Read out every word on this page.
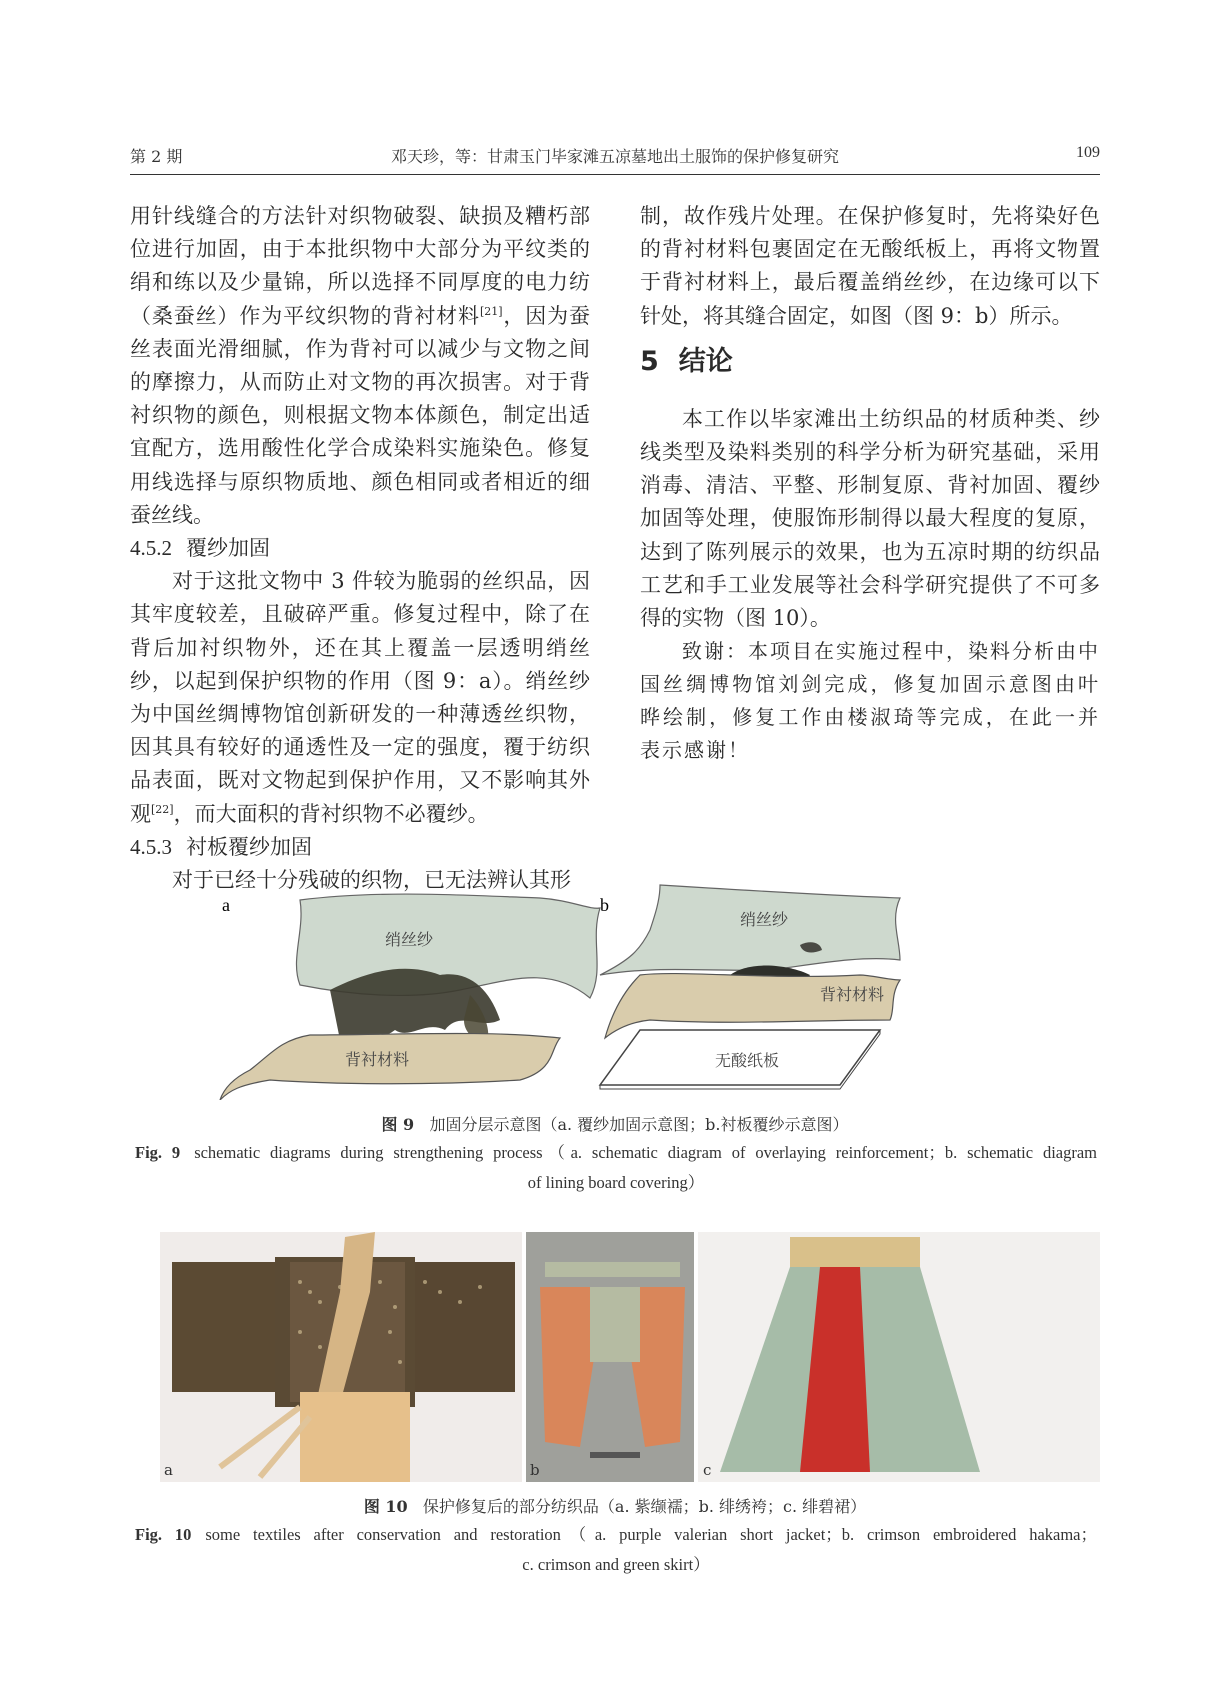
第 2 期	邓天珍，等：甘肃玉门毕家滩五凉墓地出土服饰的保护修复研究	109

用针线缝合的方法针对织物破裂、缺损及糟朽部位进行加固，由于本批织物中大部分为平纹类的绢和练以及少量锦，所以选择不同厚度的电力纺（桑蚕丝）作为平纹织物的背衬材料[21]，因为蚕丝表面光滑细腻，作为背衬可以减少与文物之间的摩擦力，从而防止对文物的再次损害。对于背衬织物的颜色，则根据文物本体颜色，制定出适宜配方，选用酸性化学合成染料实施染色。修复用线选择与原织物质地、颜色相同或者相近的细蚕丝线。

4.5.2 覆纱加固

对于这批文物中 3 件较为脆弱的丝织品，因其牢度较差，且破碎严重。修复过程中，除了在背后加衬织物外，还在其上覆盖一层透明绡丝纱，以起到保护织物的作用（图 9：a）。绡丝纱为中国丝绸博物馆创新研发的一种薄透丝织物，因其具有较好的通透性及一定的强度，覆于纺织品表面，既对文物起到保护作用，又不影响其外观[22]，而大面积的背衬织物不必覆纱。

4.5.3 衬板覆纱加固

对于已经十分残破的织物，已无法辨认其形

制，故作残片处理。在保护修复时，先将染好色的背衬材料包裹固定在无酸纸板上，再将文物置于背衬材料上，最后覆盖绡丝纱，在边缘可以下针处，将其缝合固定，如图（图 9：b）所示。

5 结论

本工作以毕家滩出土纺织品的材质种类、纱线类型及染料类别的科学分析为研究基础，采用消毒、清洁、平整、形制复原、背衬加固、覆纱加固等处理，使服饰形制得以最大程度的复原，达到了陈列展示的效果，也为五凉时期的纺织品工艺和手工业发展等社会科学研究提供了不可多得的实物（图 10）。

致谢：本项目在实施过程中，染料分析由中国丝绸博物馆刘剑完成，修复加固示意图由叶晔绘制，修复工作由楼淑琦等完成，在此一并表示感谢！

a
绡丝纱
背衬材料
b
绡丝纱
背衬材料
无酸纸板
图 9 加固分层示意图（a. 覆纱加固示意图；b.衬板覆纱示意图）
Fig. 9 schematic diagrams during strengthening process（a. schematic diagram of overlaying reinforcement；b. schematic diagram
of lining board covering）
a	b	c
图 10 保护修复后的部分纺织品（a. 紫缬襦；b. 绯绣袴；c. 绯碧裙）
Fig. 10 some textiles after conservation and restoration（a. purple valerian short jacket；b. crimson embroidered hakama；
c. crimson and green skirt）
